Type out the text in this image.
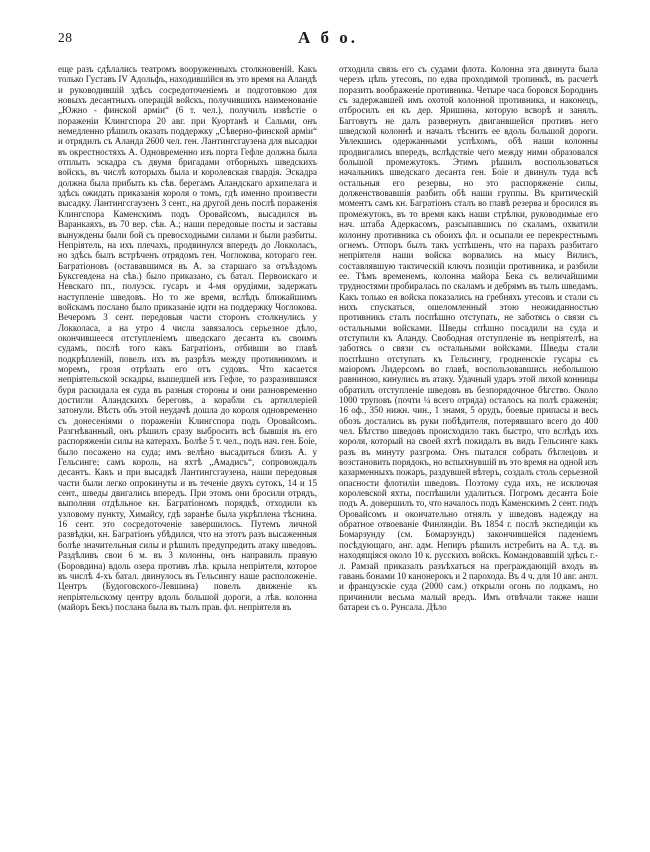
28	А б о.

еще разъ сдѣлались театромъ вооруженныхъ столкновеній. Какъ только Густавъ IV Адольфъ, находившійся въ это время на Аландѣ и руководившій здѣсь сосредоточеніемъ и подготовкою для новыхъ десантныхъ операцій войскъ, получившихъ наименованіе „Южно - финской арміи“ (6 т. чел.), получилъ извѣстіе о пораженіи Клингспора 20 авг. при Куортанѣ и Сальми, онъ немедленно рѣшилъ оказать поддержку „Сѣверно-финской арміи“ и отрядилъ съ Аланда 2600 чел. ген. Лантингсгаузена для высадки въ окрестностяхъ А. Одновременно изъ порта Гефле должна была отплыть эскадра съ двумя бригадами отборныхъ шведскихъ войскъ, въ числѣ которыхъ была и королевская гвардія. Эскадра должна была прибыть къ сѣв. берегамъ Аландскаго архипелага и здѣсь ожидать приказанія короля о томъ, гдѣ именно произвести высадку. Лантингсгаузенъ 3 сент., на другой день послѣ пораженія Клингспора Каменскимъ подъ Оровайсомъ, высадился въ Варанкаяхъ, въ 70 вер. сѣв. А.; наши передовые посты и заставы вынуждены были бой съ превосходными силами и были разбиты. Непріятель, на ихъ плечахъ, продвинулся впередъ до Локколасъ, но здѣсь былъ встрѣченъ отрядомъ ген. Чоглокова, котораго ген. Багратіоновъ (остававшимся въ А. за старшаго за отъѣздомъ Буксгевдена на сѣв.) было приказано, съ батал. Первоискаго и Невскаго пп., полуэск. гусаръ и 4-мя орудіями, задержать наступленіе шведовъ. Но то же время, вслѣдъ ближайшимъ войскамъ послано было приказаніе идти на поддержку Чоглокова. Вечеромъ 3 сент. передовыя части сторонъ столкнулись у Локколаса, а на утро 4 числа завязалось серьезное дѣло, окончившееся отступленіемъ шведскаго десанта къ своимъ судамъ, послѣ того какъ Багратіонъ, отбивши во главѣ подкрѣпленій, повелъ ихъ въ разрѣзъ между противникомъ и моремъ, грозя отрѣзать его отъ судовъ. Что касается непріятельской эскадры, вышедшей изъ Гефле, то разразившаяся буря раскидала ея суда въ разныя стороны и они разновременно достигли Аландскихъ береговъ, а корабли съ артиллеріей затонули. Вѣсть объ этой неудачѣ дошла до короля одновременно съ донесеніями о пораженіи Клингспора подъ Оровайсомъ. Разгнѣванный, онъ рѣшилъ сразу выбросить всѣ бывшія въ его распоряженіи силы на катерахъ. Болѣе 5 т. чел., подъ нач. ген. Боіе, было посажено на суда; имъ велѣно высадиться близъ А. у Гельсинге; самъ король, на яхтѣ „Амадисъ“, сопровождалъ десантъ. Какъ и при высадкѣ Лантингсгаузена, наши передовыя части были легко опрокинуты и въ теченіе двухъ сутокъ, 14 и 15 сент., шведы двигались впередъ. При этомъ они бросили отрядъ, выполняя отдѣльное кн. Багратіономъ порядкѣ, отходили къ узловому пункту, Химайсу, гдѣ заранѣе была укрѣплена тѣснина. 16 сент. это сосредоточеніе завершилось. Путемъ личной развѣдки, кн. Багратіонъ убѣдился, что на этотъ разъ высаженныя болѣе значительныя силы и рѣшилъ предупредить атаку шведовъ. Раздѣливъ свои 6 м. въ 3 колонны, онъ направилъ правую (Боровдина) вдоль озера противъ лѣв. крыла непріятеля, которое въ числѣ 4-хъ батал. двинулось въ Гельсингу наше расположеніе. Центръ (Будоговского-Левшина) повелъ движеніе къ непріятельскому центру вдоль большой дороги, а лѣв. колонна (майоръ Бекъ) послана была въ тылъ прав. фл. непріятеля въ

отходила связь его съ судами флота. Колонна эта двинута была черезъ цѣпь утесовъ, по едва проходимой тропинкѣ, въ расчетѣ поразить воображеніе противника. Четыре часа боровся Бородинъ съ задержавшей имъ охотой колонной противника, и наконецъ, отбросилъ ея къ дер. Яришина, которую всворѣ и занялъ. Багговутъ не далъ развернуть двиганвшейся противъ него шведской колоннѣ и началъ тѣснить ее вдоль большой дороги. Увлекшись одержанными успѣхомъ, обѣ наши колонны продвигались впередъ, вслѣдствіе чего между ними образовался большой промежутокъ. Этимъ рѣшилъ воспользоваться начальникъ шведскаго десанта ген. Боіе и двинулъ туда всѣ остальныя его резервы, но это распоряженіе силы, долженствовавшія разбить обѣ наши группы. Въ критическій моментъ самъ кн. Багратіонъ сталъ во главѣ резерва и бросился въ промежутокъ, въ то время какъ наши стрѣлки, руководимые его нач. штаба Адеркасомъ, разсыпавшись по скаламъ, охватили колонну противника съ обоихъ фл. и осыпали ее перекрестнымъ огнемъ. Отпоръ былъ такъ успѣшенъ, что на парахъ разбитаго непріятеля наши войска ворвались на мысу Вилисъ, составлявшую тактическій ключъ позиціи противника, и разбили ее. Тѣмъ временемъ, колонна майора Бека съ величайшими трудностями пробиралась по скаламъ и дебрямъ въ тылъ шведамъ. Какъ только ея войска показались на гребняхъ утесовъ и стали съ нихъ спускаться, ошеломленный этою неожиданностью противникъ сталъ поспѣшно отступать, не заботясь о связи съ остальными войсками. Шведы спѣшно посадили на суда и отступили къ Аланду. Свободная отступленіе въ непріятелѣ, на заботясь о связи съ остальными войсками. Шведы стали поспѣшно отступать къ Гельсингу, гродненскіе гусары съ маіоромъ Лидерсомъ во главѣ, воспользовавшись небольшою равниною, кинулись въ атаку. Удачный ударъ этой лихой конницы обратилъ отступленіе шведовъ въ безпорядочное бѣгство. Около 1000 труповъ (почти ¼ всего отряда) осталось на полѣ сраженія; 16 оф., 350 нижн. чин., 1 знамя, 5 орудъ, боевые припасы и весь обозъ достались въ руки побѣдителя, потерявшаго всего до 400 чел. Бѣгство шведовъ происходило такъ быстро, что вслѣдъ ихъ короля, который на своей яхтѣ покидалъ въ видъ Гельсинге какъ разъ въ минуту разгрома. Онъ пытался собрать бѣглецовъ и возстановить порядокъ, но вспыхнувшій въ это время на одной изъ казарменныхъ пожаръ, раздувшей вѣтеръ, создалъ столь серьезной опасности флотиліи шведовъ. Поэтому суда ихъ, не исключая королевской яхты, поспѣшили удалиться. Погромъ десанта Боіе подъ А. довершилъ то, что началось подъ Каменскимъ 2 сент. подъ Оровайсомъ и окончательно отнялъ у шведовъ надежду на обратное отвоеваніе Финляндіи. Въ 1854 г. послѣ экспедиціи къ Бомарзунду (см. Бомарзундъ) закончившейся паденіемъ посѣдующаго, анг. адм. Непиръ рѣшилъ истребить на А. т.д. въ находящіяся около 10 к. русскихъ войскъ. Командовавшій здѣсь г.-л. Рамзай приказалъ разъѣхаться на преграждающій входъ въ гавань бонами 10 канонерокъ и 2 парохода. Въ 4 ч. для 10 авг. англ. и французскіе суда (2000 сам.) открыли огонь по лодкамъ, но причинили весьма малый вредъ. Имъ отвѣчали также наши батареи съ о. Рунсала. Дѣло
